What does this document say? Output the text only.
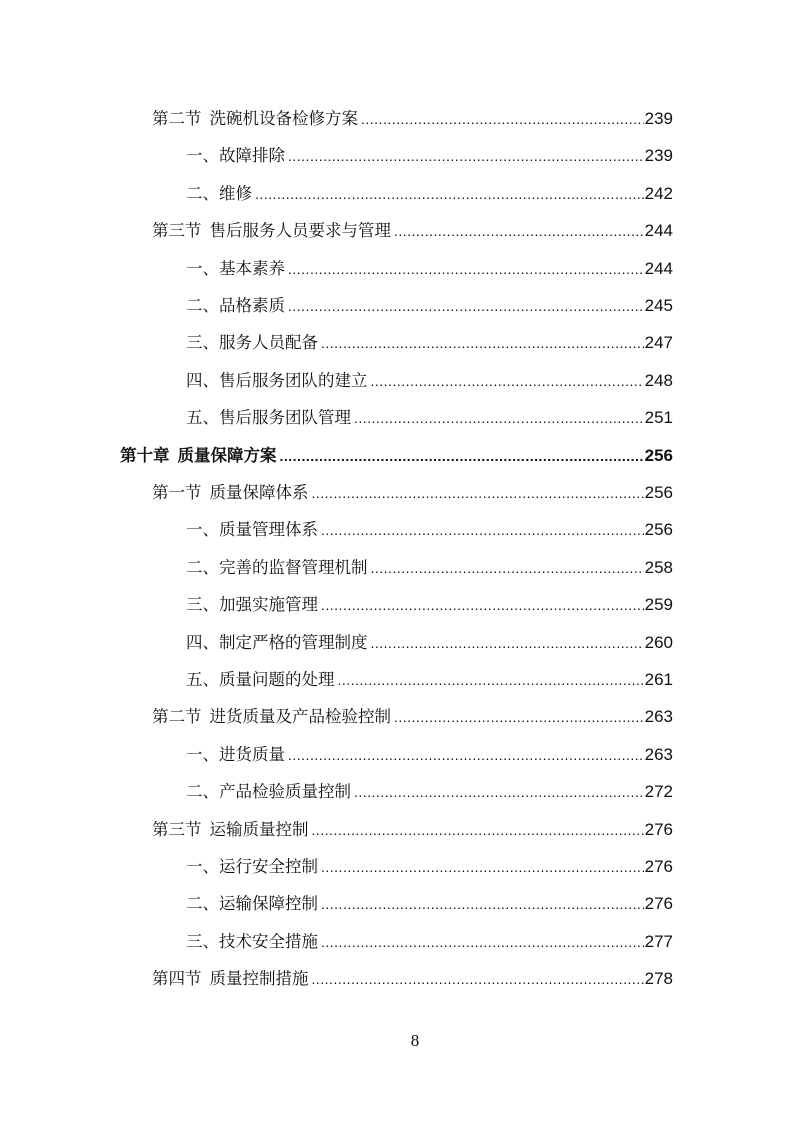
第二节 洗碗机设备检修方案 .....	239
一、故障排除 .....	239
二、维修 .....	242
第三节 售后服务人员要求与管理 .....	244
一、基本素养 .....	244
二、品格素质 .....	245
三、服务人员配备 .....	247
四、售后服务团队的建立 .....	248
五、售后服务团队管理 .....	251
第十章 质量保障方案 .....	256
第一节 质量保障体系 .....	256
一、质量管理体系 .....	256
二、完善的监督管理机制 .....	258
三、加强实施管理 .....	259
四、制定严格的管理制度 .....	260
五、质量问题的处理 .....	261
第二节 进货质量及产品检验控制 .....	263
一、进货质量 .....	263
二、产品检验质量控制 .....	272
第三节 运输质量控制 .....	276
一、运行安全控制 .....	276
二、运输保障控制 .....	276
三、技术安全措施 .....	277
第四节 质量控制措施 .....	278
8
